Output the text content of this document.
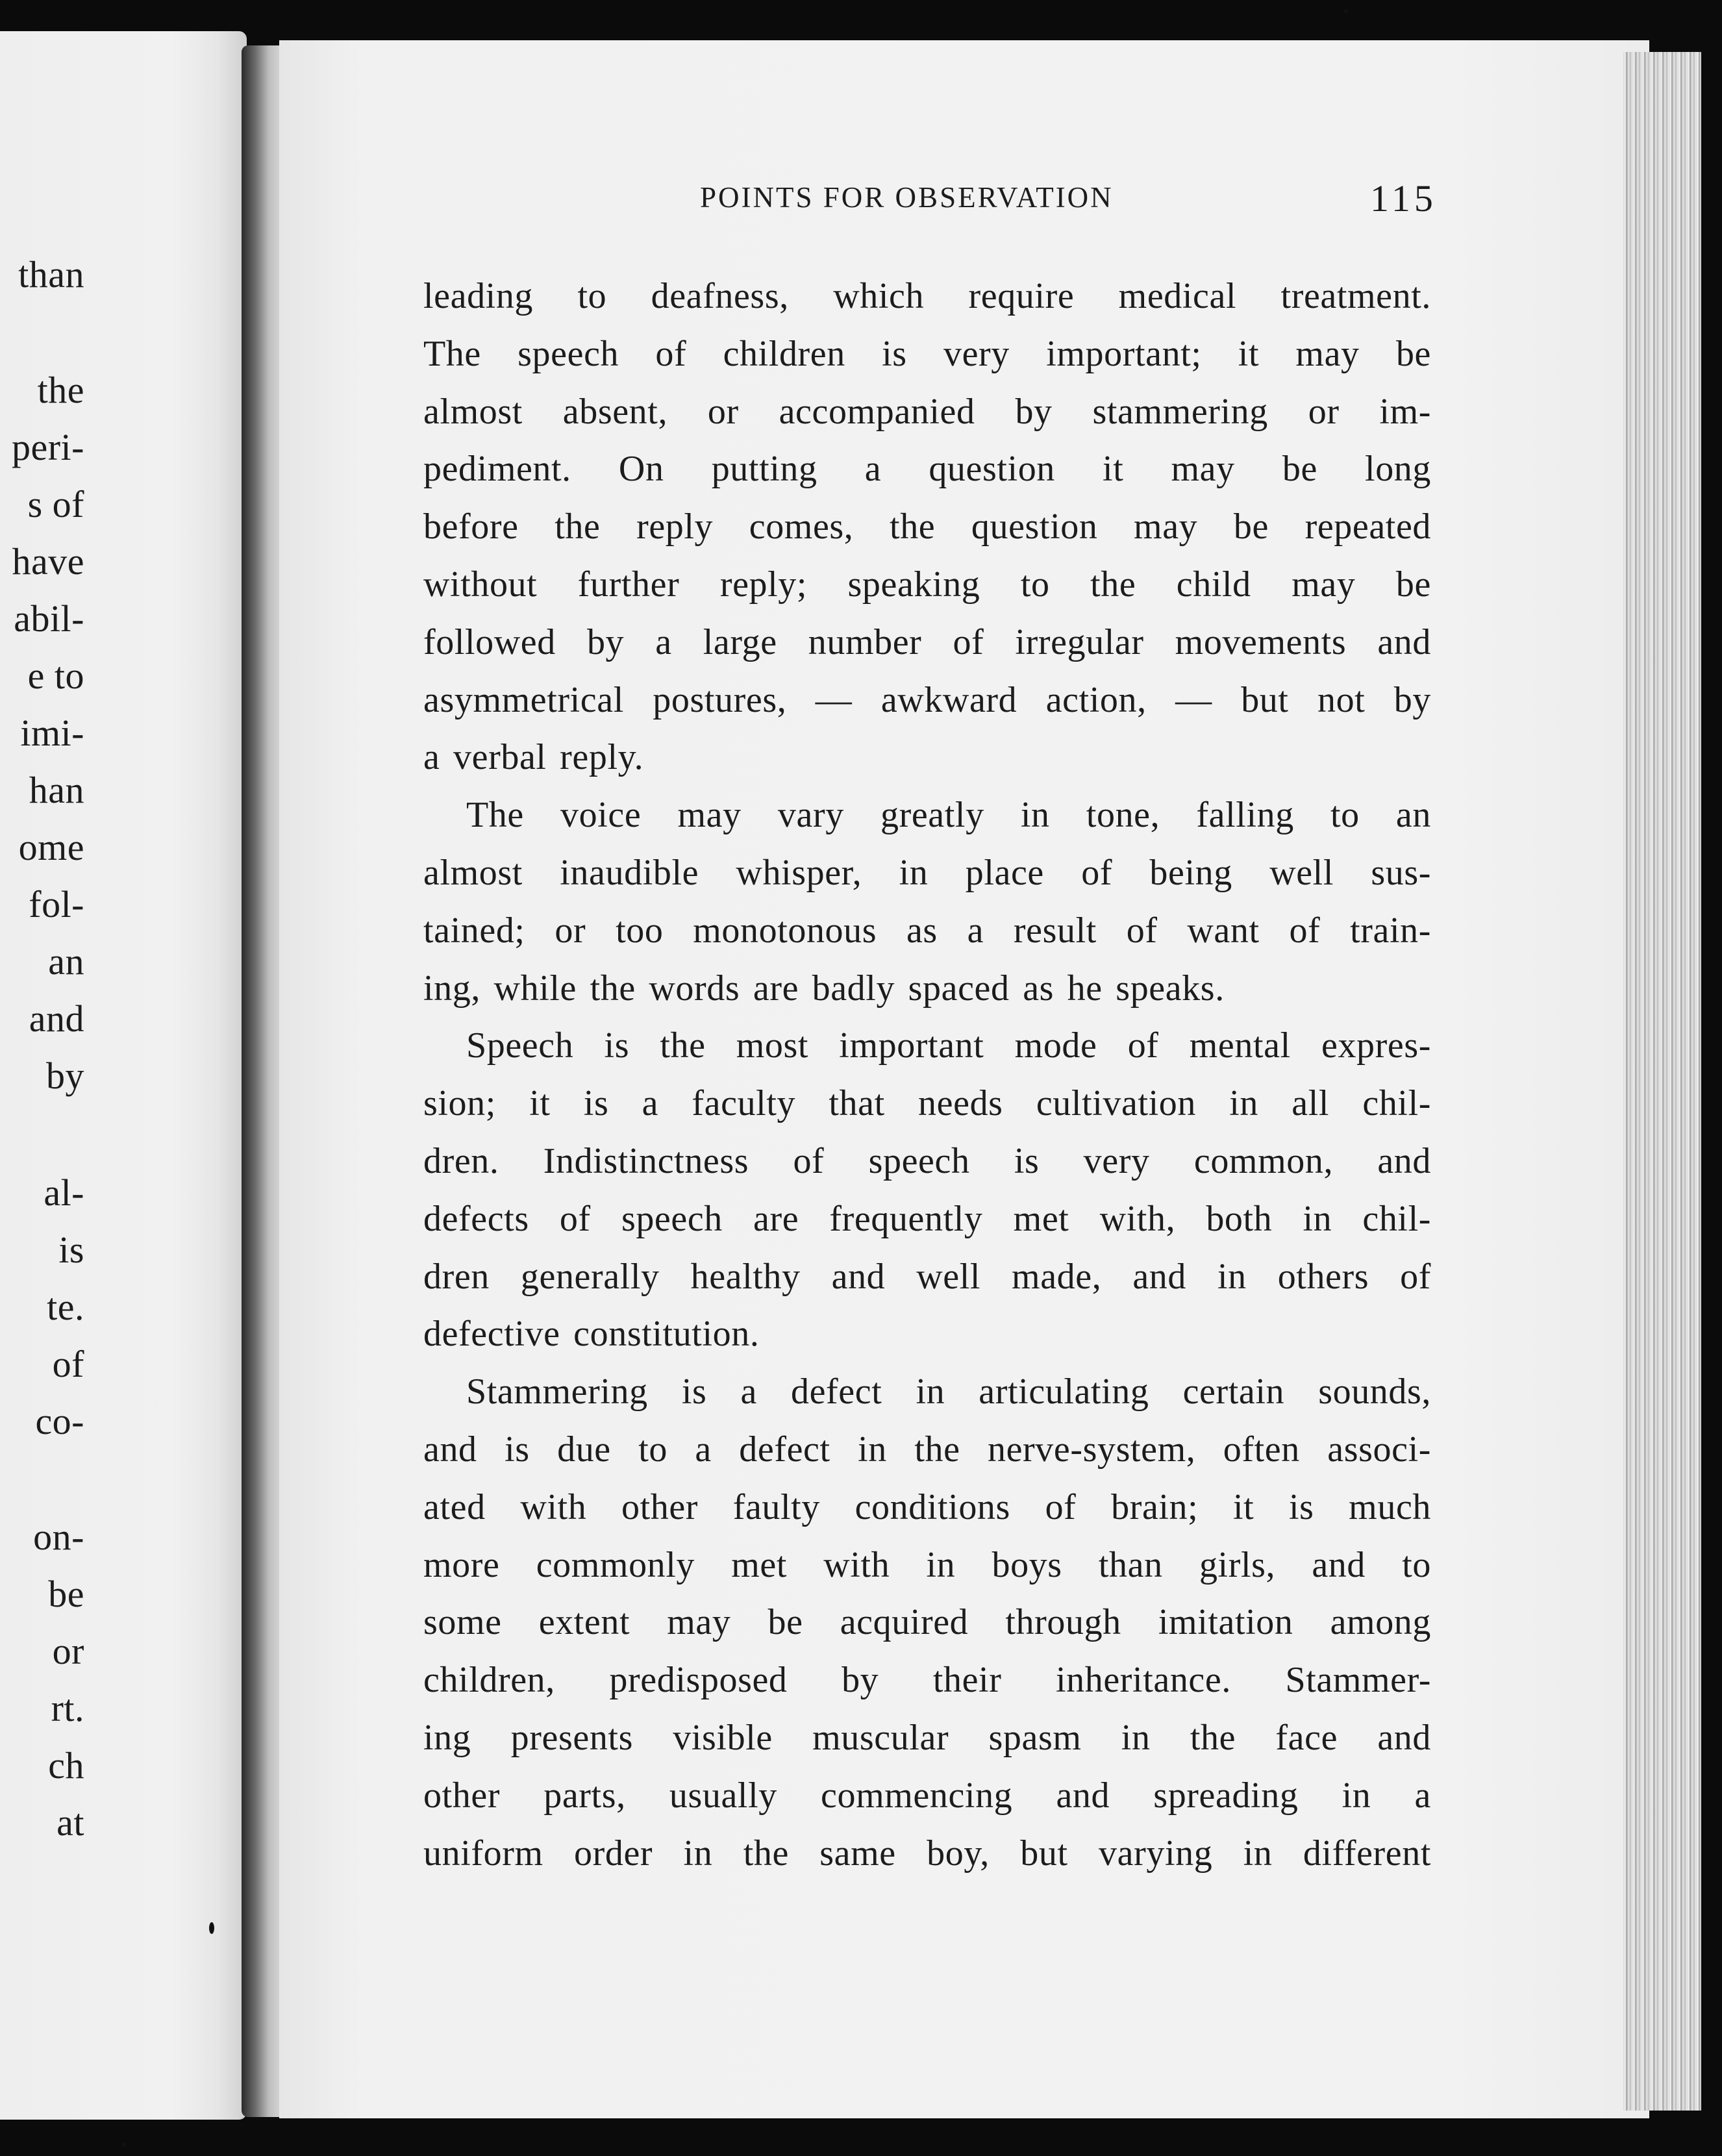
than
the
peri-
s of
have
abil-
e to
imi-
han
ome
fol-
an
and
by
al-
is
te.
of
co-
on-
be
or
rt.
ch
at
POINTS FOR OBSERVATION	115
leading to deafness, which require medical treatment.
The speech of children is very important; it may be
almost absent, or accompanied by stammering or im-
pediment. On putting a question it may be long
before the reply comes, the question may be repeated
without further reply; speaking to the child may be
followed by a large number of irregular movements and
asymmetrical postures, — awkward action, — but not by
a verbal reply.
The voice may vary greatly in tone, falling to an
almost inaudible whisper, in place of being well sus-
tained; or too monotonous as a result of want of train-
ing, while the words are badly spaced as he speaks.
Speech is the most important mode of mental expres-
sion; it is a faculty that needs cultivation in all chil-
dren. Indistinctness of speech is very common, and
defects of speech are frequently met with, both in chil-
dren generally healthy and well made, and in others of
defective constitution.
Stammering is a defect in articulating certain sounds,
and is due to a defect in the nerve-system, often associ-
ated with other faulty conditions of brain; it is much
more commonly met with in boys than girls, and to
some extent may be acquired through imitation among
children, predisposed by their inheritance. Stammer-
ing presents visible muscular spasm in the face and
other parts, usually commencing and spreading in a
uniform order in the same boy, but varying in different
